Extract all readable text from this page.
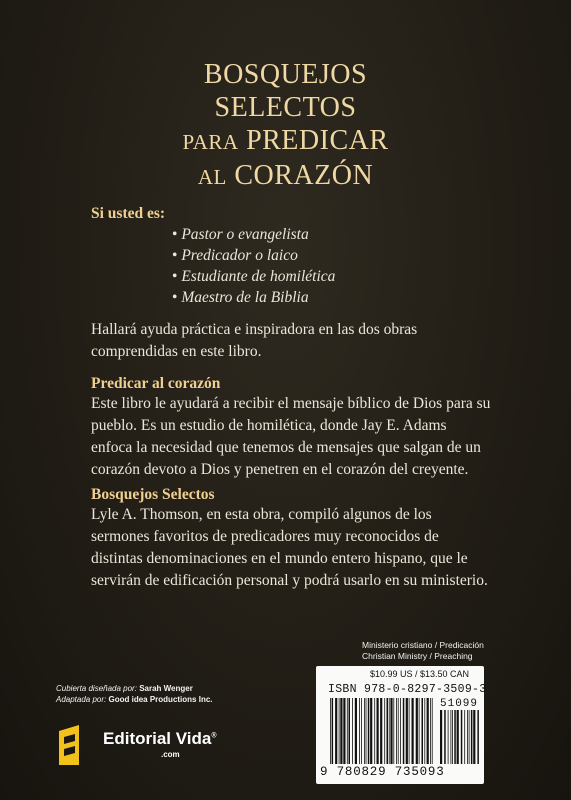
BOSQUEJOS
SELECTOS
PARA PREDICAR
AL CORAZÓN
Si usted es:
• Pastor o evangelista
• Predicador o laico
• Estudiante de homilética
• Maestro de la Biblia
Hallará ayuda práctica e inspiradora en las dos obras comprendidas en este libro.
Predicar al corazón
Este libro le ayudará a recibir el mensaje bíblico de Dios para su pueblo. Es un estudio de homilética, donde Jay E. Adams enfoca la necesidad que tenemos de mensajes que salgan de un corazón devoto a Dios y penetren en el corazón del creyente.
Bosquejos Selectos
Lyle A. Thomson, en esta obra, compiló algunos de los sermones favoritos de predicadores muy reconocidos de distintas denominaciones en el mundo entero hispano, que le servirán de edificación personal y podrá usarlo en su ministerio.
Cubierta diseñada por: Sarah Wenger
Adaptada por: Good idea Productions Inc.
Editorial Vida®
.com
Ministerio cristiano / Predicación
Christian Ministry / Preaching
$10.99 US / $13.50 CAN
ISBN 978-0-8297-3509-3
51099
9 780829 735093
